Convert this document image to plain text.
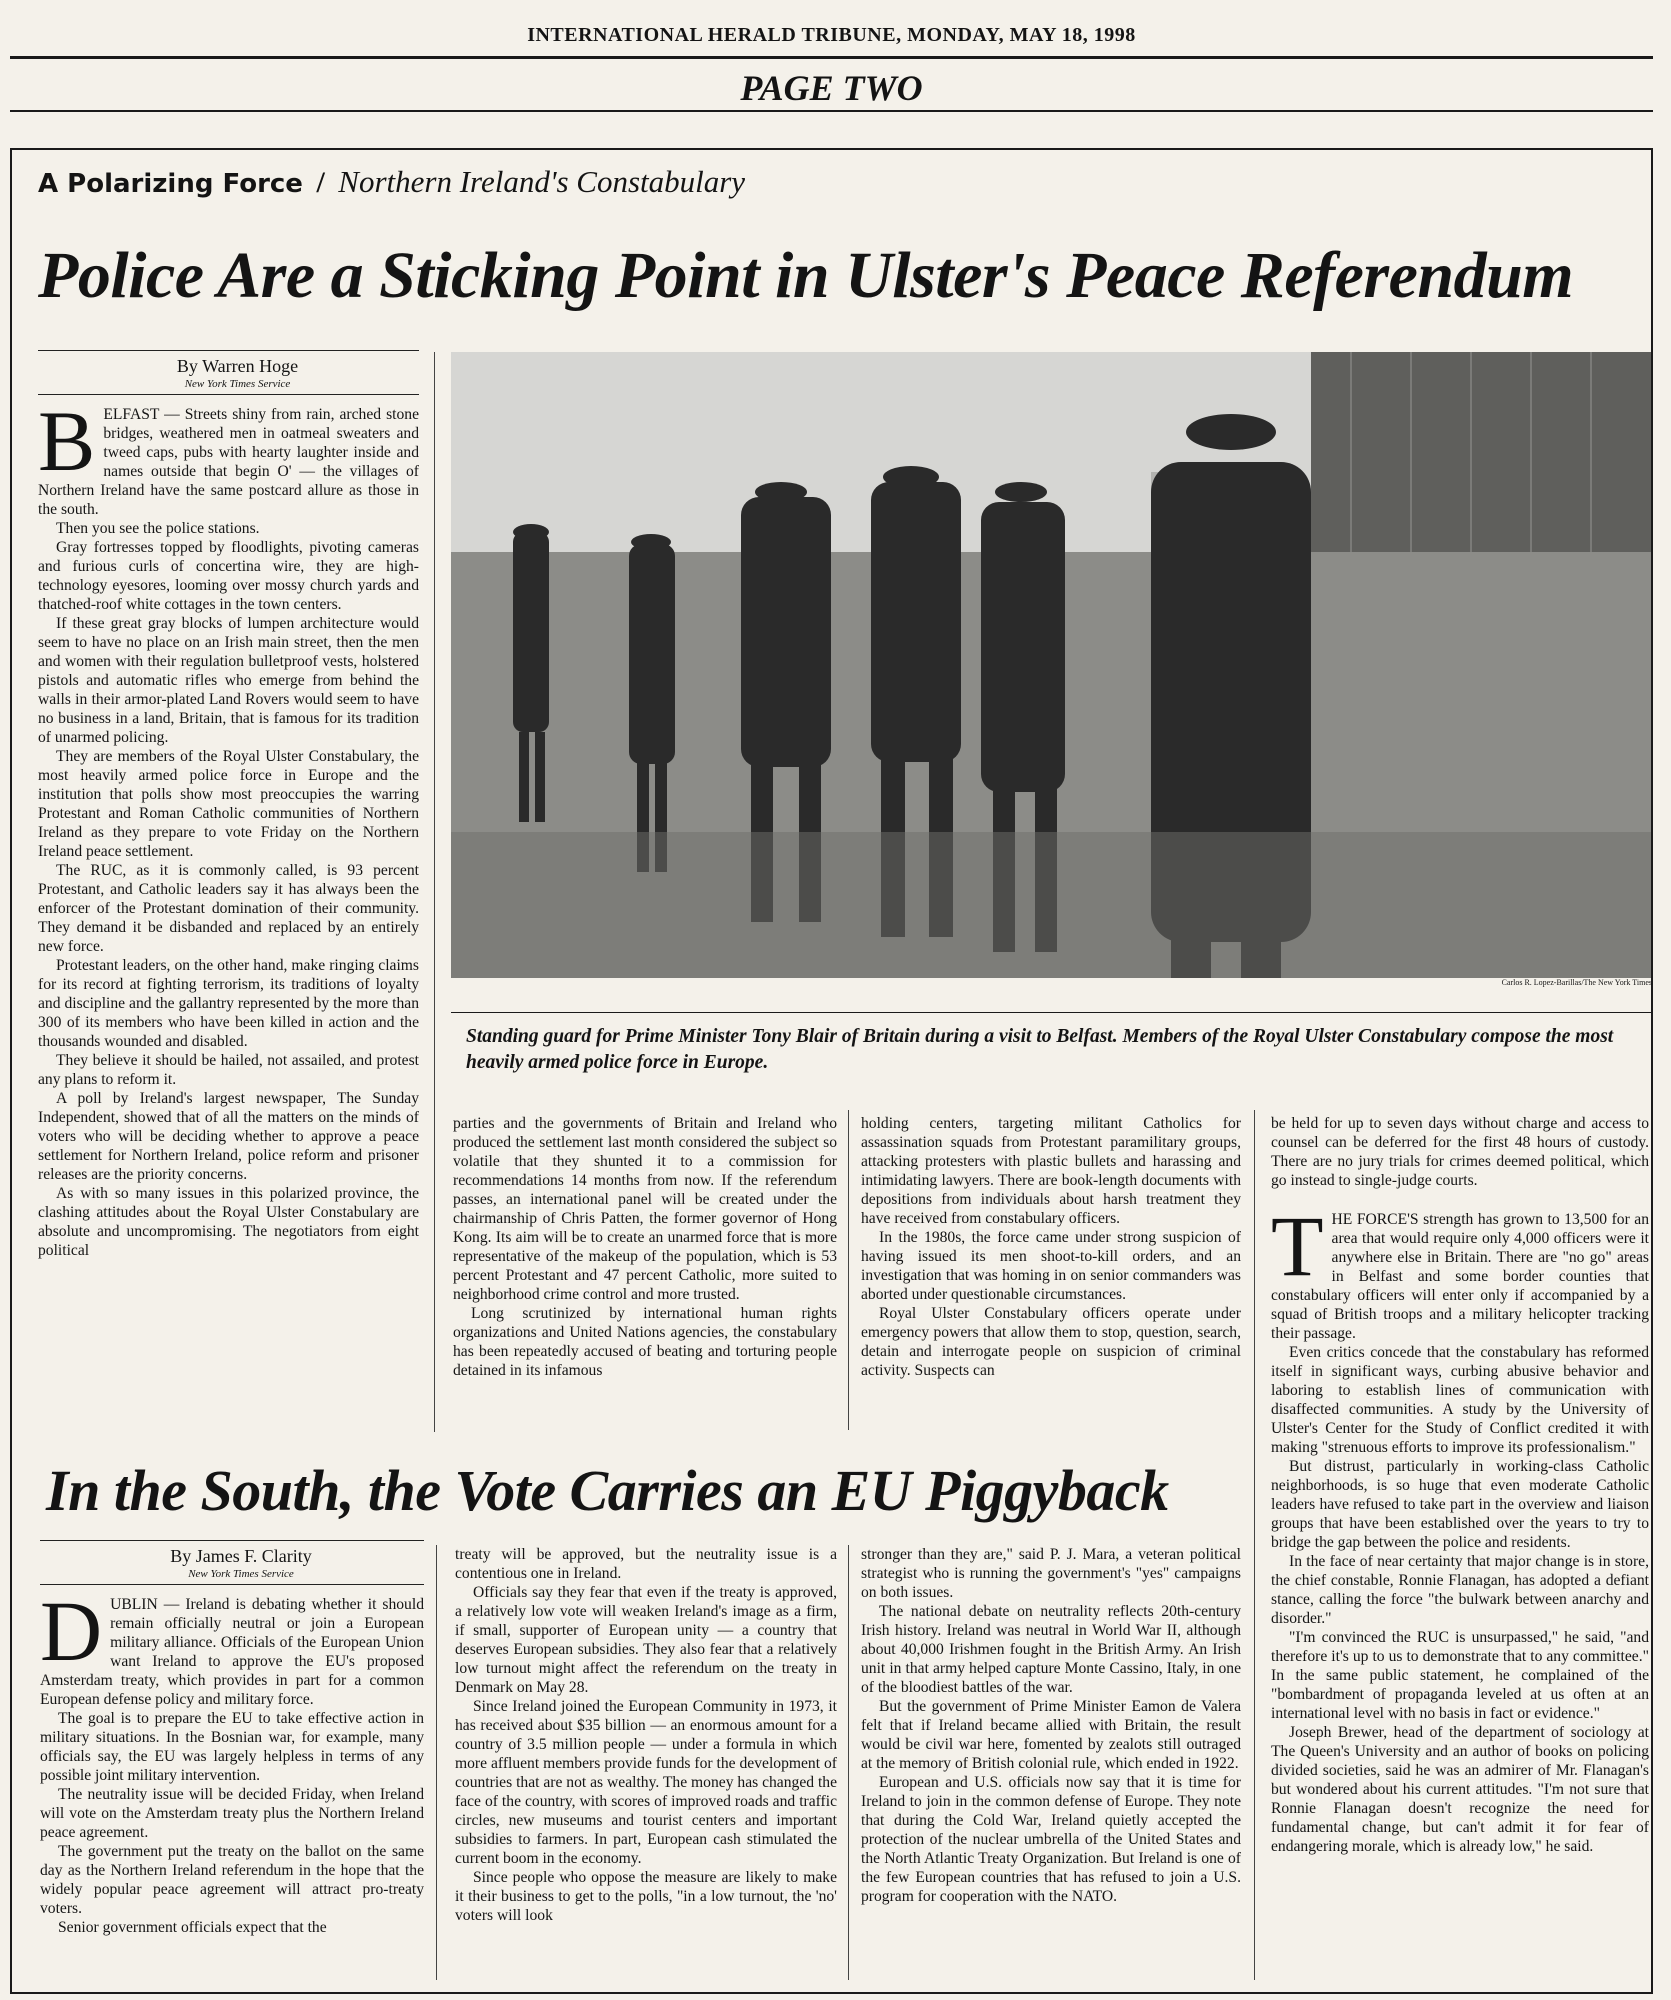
INTERNATIONAL HERALD TRIBUNE, MONDAY, MAY 18, 1998
PAGE TWO
A Polarizing Force / Northern Ireland's Constabulary
Police Are a Sticking Point in Ulster's Peace Referendum

By Warren Hoge
New York Times Service

BELFAST — Streets shiny from rain, arched stone bridges, weathered men in oatmeal sweaters and tweed caps, pubs with hearty laughter inside and names outside that begin O' — the villages of Northern Ireland have the same postcard allure as those in the south.

Then you see the police stations.

Gray fortresses topped by floodlights, pivoting cameras and furious curls of concertina wire, they are high-technology eyesores, looming over mossy church yards and thatched-roof white cottages in the town centers.

If these great gray blocks of lumpen architecture would seem to have no place on an Irish main street, then the men and women with their regulation bulletproof vests, holstered pistols and automatic rifles who emerge from behind the walls in their armor-plated Land Rovers would seem to have no business in a land, Britain, that is famous for its tradition of unarmed policing.

They are members of the Royal Ulster Constabulary, the most heavily armed police force in Europe and the institution that polls show most preoccupies the warring Protestant and Roman Catholic communities of Northern Ireland as they prepare to vote Friday on the Northern Ireland peace settlement.

The RUC, as it is commonly called, is 93 percent Protestant, and Catholic leaders say it has always been the enforcer of the Protestant domination of their community. They demand it be disbanded and replaced by an entirely new force.

Protestant leaders, on the other hand, make ringing claims for its record at fighting terrorism, its traditions of loyalty and discipline and the gallantry represented by the more than 300 of its members who have been killed in action and the thousands wounded and disabled.

They believe it should be hailed, not assailed, and protest any plans to reform it.

A poll by Ireland's largest newspaper, The Sunday Independent, showed that of all the matters on the minds of voters who will be deciding whether to approve a peace settlement for Northern Ireland, police reform and prisoner releases are the priority concerns.

As with so many issues in this polarized province, the clashing attitudes about the Royal Ulster Constabulary are absolute and uncompromising. The negotiators from eight political

Carlos R. Lopez-Barillas/The New York Times
Standing guard for Prime Minister Tony Blair of Britain during a visit to Belfast. Members of the Royal Ulster Constabulary compose the most heavily armed police force in Europe.

parties and the governments of Britain and Ireland who produced the settlement last month considered the subject so volatile that they shunted it to a commission for recommendations 14 months from now. If the referendum passes, an international panel will be created under the chairmanship of Chris Patten, the former governor of Hong Kong. Its aim will be to create an unarmed force that is more representative of the makeup of the population, which is 53 percent Protestant and 47 percent Catholic, more suited to neighborhood crime control and more trusted.

Long scrutinized by international human rights organizations and United Nations agencies, the constabulary has been repeatedly accused of beating and torturing people detained in its infamous

holding centers, targeting militant Catholics for assassination squads from Protestant paramilitary groups, attacking protesters with plastic bullets and harassing and intimidating lawyers. There are book-length documents with depositions from individuals about harsh treatment they have received from constabulary officers.

In the 1980s, the force came under strong suspicion of having issued its men shoot-to-kill orders, and an investigation that was homing in on senior commanders was aborted under questionable circumstances.

Royal Ulster Constabulary officers operate under emergency powers that allow them to stop, question, search, detain and interrogate people on suspicion of criminal activity. Suspects can

be held for up to seven days without charge and access to counsel can be deferred for the first 48 hours of custody. There are no jury trials for crimes deemed political, which go instead to single-judge courts.

THE FORCE'S strength has grown to 13,500 for an area that would require only 4,000 officers were it anywhere else in Britain. There are "no go" areas in Belfast and some border counties that constabulary officers will enter only if accompanied by a squad of British troops and a military helicopter tracking their passage.

Even critics concede that the constabulary has reformed itself in significant ways, curbing abusive behavior and laboring to establish lines of communication with disaffected communities. A study by the University of Ulster's Center for the Study of Conflict credited it with making "strenuous efforts to improve its professionalism."

But distrust, particularly in working-class Catholic neighborhoods, is so huge that even moderate Catholic leaders have refused to take part in the overview and liaison groups that have been established over the years to try to bridge the gap between the police and residents.

In the face of near certainty that major change is in store, the chief constable, Ronnie Flanagan, has adopted a defiant stance, calling the force "the bulwark between anarchy and disorder."

"I'm convinced the RUC is unsurpassed," he said, "and therefore it's up to us to demonstrate that to any committee." In the same public statement, he complained of the "bombardment of propaganda leveled at us often at an international level with no basis in fact or evidence."

Joseph Brewer, head of the department of sociology at The Queen's University and an author of books on policing divided societies, said he was an admirer of Mr. Flanagan's but wondered about his current attitudes. "I'm not sure that Ronnie Flanagan doesn't recognize the need for fundamental change, but can't admit it for fear of endangering morale, which is already low," he said.

In the South, the Vote Carries an EU Piggyback

By James F. Clarity
New York Times Service

DUBLIN — Ireland is debating whether it should remain officially neutral or join a European military alliance. Officials of the European Union want Ireland to approve the EU's proposed Amsterdam treaty, which provides in part for a common European defense policy and military force.

The goal is to prepare the EU to take effective action in military situations. In the Bosnian war, for example, many officials say, the EU was largely helpless in terms of any possible joint military intervention.

The neutrality issue will be decided Friday, when Ireland will vote on the Amsterdam treaty plus the Northern Ireland peace agreement.

The government put the treaty on the ballot on the same day as the Northern Ireland referendum in the hope that the widely popular peace agreement will attract pro-treaty voters.

Senior government officials expect that the

treaty will be approved, but the neutrality issue is a contentious one in Ireland.

Officials say they fear that even if the treaty is approved, a relatively low vote will weaken Ireland's image as a firm, if small, supporter of European unity — a country that deserves European subsidies. They also fear that a relatively low turnout might affect the referendum on the treaty in Denmark on May 28.

Since Ireland joined the European Community in 1973, it has received about $35 billion — an enormous amount for a country of 3.5 million people — under a formula in which more affluent members provide funds for the development of countries that are not as wealthy. The money has changed the face of the country, with scores of improved roads and traffic circles, new museums and tourist centers and important subsidies to farmers. In part, European cash stimulated the current boom in the economy.

Since people who oppose the measure are likely to make it their business to get to the polls, "in a low turnout, the 'no' voters will look

stronger than they are," said P. J. Mara, a veteran political strategist who is running the government's "yes" campaigns on both issues.

The national debate on neutrality reflects 20th-century Irish history. Ireland was neutral in World War II, although about 40,000 Irishmen fought in the British Army. An Irish unit in that army helped capture Monte Cassino, Italy, in one of the bloodiest battles of the war.

But the government of Prime Minister Eamon de Valera felt that if Ireland became allied with Britain, the result would be civil war here, fomented by zealots still outraged at the memory of British colonial rule, which ended in 1922.

European and U.S. officials now say that it is time for Ireland to join in the common defense of Europe. They note that during the Cold War, Ireland quietly accepted the protection of the nuclear umbrella of the United States and the North Atlantic Treaty Organization. But Ireland is one of the few European countries that has refused to join a U.S. program for cooperation with the NATO.
